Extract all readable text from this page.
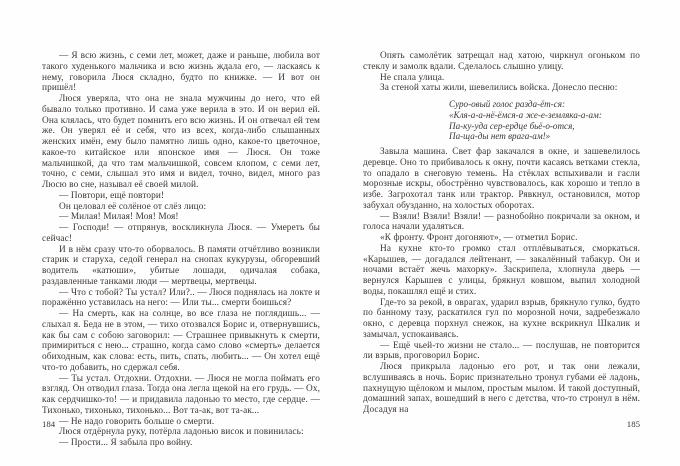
— Я всю жизнь, с семи лет, может, даже и раньше, любила вот такого худенького мальчика и всю жизнь ждала его, — ласкаясь к нему, говорила Люся складно, будто по книжке. — И вот он пришёл!

Люся уверяла, что она не знала мужчины до него, что ей бывало только противно. И сама уже верила в это. И он верил ей. Она клялась, что будет помнить его всю жизнь. И он отвечал ей тем же. Он уверял её и себя, что из всех, когда-либо слышанных женских имён, ему было памятно лишь одно, какое-то цветочное, какое-то китайское или японское имя — Люся. Он тоже мальчишкой, да что там мальчишкой, совсем клопом, с семи лет, точно, с семи, слышал это имя и видел, точно, видел, много раз Люсю во сне, называл её своей милой.

— Повтори, ещё повтори!

Он целовал её солёное от слёз лицо:

— Милая! Милая! Моя! Моя!

— Господи! — отпрянув, воскликнула Люся. — Умереть бы сейчас!

И в нём сразу что-то оборвалось. В памяти отчётливо возникли старик и старуха, седой генерал на снопах кукурузы, обгоревший водитель «катюши», убитые лошади, одичалая собака, раздавленные танками люди — мертвецы, мертвецы.

— Что с тобой? Ты устал? Или?.. — Люся поднялась на локте и поражённо уставилась на него: — Или ты... смерти боишься?

— На смерть, как на солнце, во все глаза не поглядишь... — слыхал я. Беда не в этом, — тихо отозвался Борис и, отвернувшись, как бы сам с собою заговорил: — Страшнее привыкнуть к смерти, примириться с нею... страшно, когда само слово «смерть» делается обиходным, как слова: есть, пить, спать, любить... — Он хотел ещё что-то добавить, но сдержал себя.

— Ты устал. Отдохни. Отдохни. — Люся не могла поймать его взгляд. Он отводил глаза. Тогда она легла щекой на его грудь. — Ох, как сердчишко-то! — и придавила ладонью то место, где сердце. — Тихонько, тихонько, тихонько... Вот та-ак, вот та-ак...

— Не надо говорить больше о смерти.

Люся отдёрнула руку, потёрла ладонью висок и повинилась:

— Прости... Я забыла про войну.

184

Опять самолётик затрещал над хатою, чиркнул огоньком по стеклу и замолк вдали. Сделалось слышно улицу.

Не спала улица.

За стеной хаты жили, шевелились войска. Донесло песню:

Суро-овый голос разда-ёт-ся:
«Кля-а-а-нё-ёмся-а же-е-земляка-а-ам:
Па-ку-уда сер-ердце бьё-о-отся,
Па-ща-ды нет врага-ам!»

Завыла машина. Свет фар закачался в окне, и зашевелилось деревце. Оно то прибивалось к окну, почти касаясь ветками стекла, то опадало в снеговую темень. На стёклах вспыхивали и гасли морозные искры, обострённо чувствовалось, как хорошо и тепло в избе. Загрохотал танк или трактор. Рявкнул, остановился, мотор забухал обузданно, на холостых оборотах.

— Взяли! Взяли! Взяли! — разнобойно покричали за окном, и голоса начали удаляться.

«К фронту. Фронт догоняют», — отметил Борис.

На кухне кто-то громко стал отплёвываться, сморкаться. «Карышев, — догадался лейтенант, — закалённый табакур. Он и ночами встаёт жечь махорку». Заскрипела, хлопнула дверь — вернулся Карышев с улицы, брякнул ковшом, выпил холодной воды, покашлял ещё и стих.

Где-то за рекой, в оврагах, ударил взрыв, брякнуло гулко, будто по банному тазу, раскатился гул по морозной ночи, задребезжало окно, с деревца порхнул снежок, на кухне вскрикнул Шкалик и замычал, успокаиваясь.

— Ещё чьей-то жизни не стало... — послушав, не повторится ли взрыв, проговорил Борис.

Люся прикрыла ладонью его рот, и так они лежали, вслушиваясь в ночь. Борис признательно тронул губами её ладонь, пахнущую щёлоком и мылом, простым мылом. И такой доступный, домашний запах, вошедший в него с детства, что-то стронул в нём. Досадуя на

185
